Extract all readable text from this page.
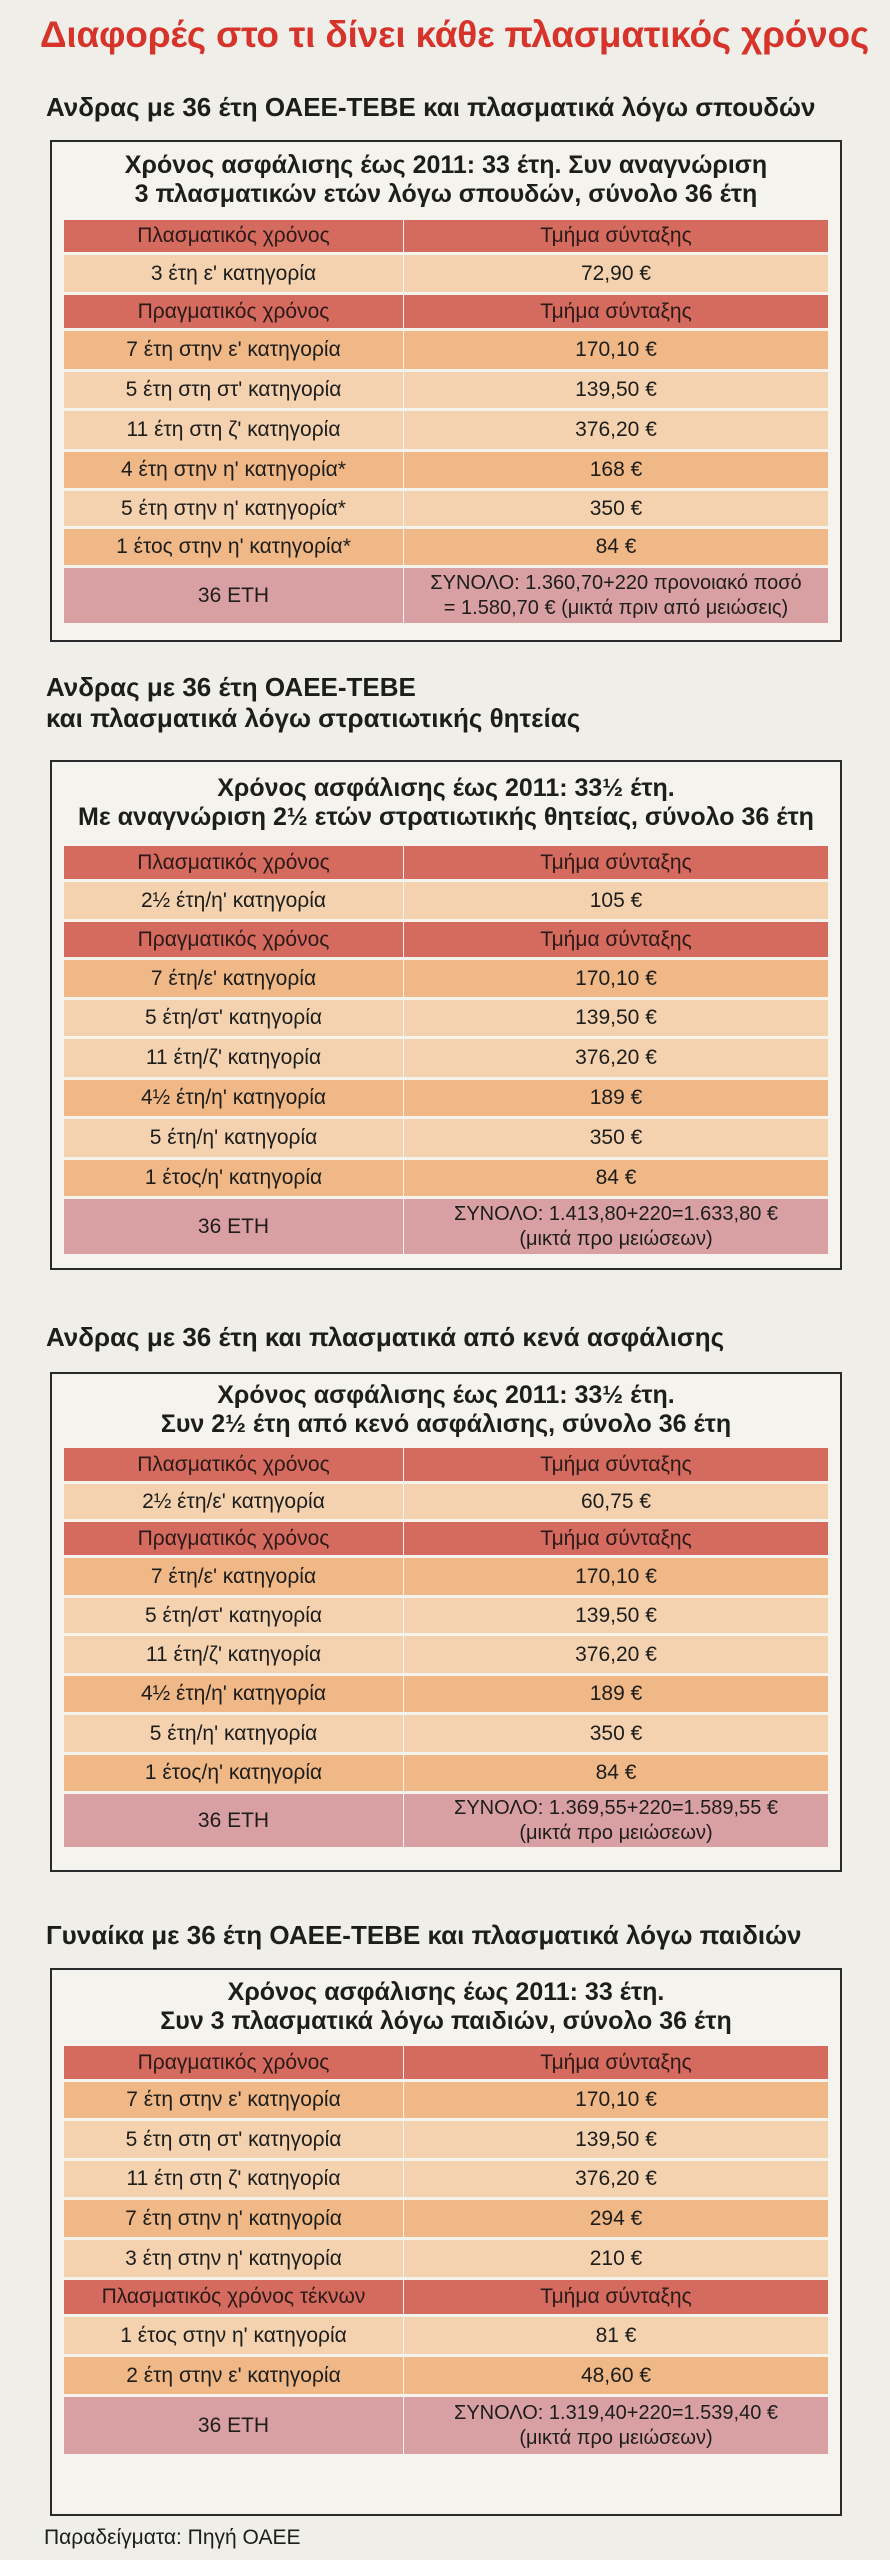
Διαφορές στο τι δίνει κάθε πλασματικός χρόνος
Ανδρας με 36 έτη ΟΑΕΕ-ΤΕΒΕ και πλασματικά λόγω σπουδών
Χρόνος ασφάλισης έως 2011: 33 έτη. Συν αναγνώριση
3 πλασματικών ετών λόγω σπουδών, σύνολο 36 έτη
Πλασματικός χρόνος	Τμήμα σύνταξης
3 έτη ε' κατηγορία	72,90 €
Πραγματικός χρόνος	Τμήμα σύνταξης
7 έτη στην ε' κατηγορία	170,10 €
5 έτη στη στ' κατηγορία	139,50 €
11 έτη στη ζ' κατηγορία	376,20 €
4 έτη στην η' κατηγορία*	168 €
5 έτη στην η' κατηγορία*	350 €
1 έτος στην η' κατηγορία*	84 €
36 ΕΤΗ
ΣΥΝΟΛΟ: 1.360,70+220 προνοιακό ποσό
= 1.580,70 € (μικτά πριν από μειώσεις)
Ανδρας με 36 έτη ΟΑΕΕ-ΤΕΒΕ
και πλασματικά λόγω στρατιωτικής θητείας
Χρόνος ασφάλισης έως 2011: 33½ έτη.
Με αναγνώριση 2½ ετών στρατιωτικής θητείας, σύνολο 36 έτη
Πλασματικός χρόνος	Τμήμα σύνταξης
2½ έτη/η' κατηγορία	105 €
Πραγματικός χρόνος	Τμήμα σύνταξης
7 έτη/ε' κατηγορία	170,10 €
5 έτη/στ' κατηγορία	139,50 €
11 έτη/ζ' κατηγορία	376,20 €
4½ έτη/η' κατηγορία	189 €
5 έτη/η' κατηγορία	350 €
1 έτος/η' κατηγορία	84 €
36 ΕΤΗ
ΣΥΝΟΛΟ: 1.413,80+220=1.633,80 €
(μικτά προ μειώσεων)
Ανδρας με 36 έτη και πλασματικά από κενά ασφάλισης
Χρόνος ασφάλισης έως 2011: 33½ έτη.
Συν 2½ έτη από κενό ασφάλισης, σύνολο 36 έτη
Πλασματικός χρόνος	Τμήμα σύνταξης
2½ έτη/ε' κατηγορία	60,75 €
Πραγματικός χρόνος	Τμήμα σύνταξης
7 έτη/ε' κατηγορία	170,10 €
5 έτη/στ' κατηγορία	139,50 €
11 έτη/ζ' κατηγορία	376,20 €
4½ έτη/η' κατηγορία	189 €
5 έτη/η' κατηγορία	350 €
1 έτος/η' κατηγορία	84 €
36 ΕΤΗ
ΣΥΝΟΛΟ: 1.369,55+220=1.589,55 €
(μικτά προ μειώσεων)
Γυναίκα με 36 έτη ΟΑΕΕ-ΤΕΒΕ και πλασματικά λόγω παιδιών
Χρόνος ασφάλισης έως 2011: 33 έτη.
Συν 3 πλασματικά λόγω παιδιών, σύνολο 36 έτη
Πραγματικός χρόνος	Τμήμα σύνταξης
7 έτη στην ε' κατηγορία	170,10 €
5 έτη στη στ' κατηγορία	139,50 €
11 έτη στη ζ' κατηγορία	376,20 €
7 έτη στην η' κατηγορία	294 €
3 έτη στην η' κατηγορία	210 €
Πλασματικός χρόνος τέκνων	Τμήμα σύνταξης
1 έτος στην η' κατηγορία	81 €
2 έτη στην ε' κατηγορία	48,60 €
36 ΕΤΗ
ΣΥΝΟΛΟ: 1.319,40+220=1.539,40 €
(μικτά προ μειώσεων)
Παραδείγματα: Πηγή ΟΑΕΕ
